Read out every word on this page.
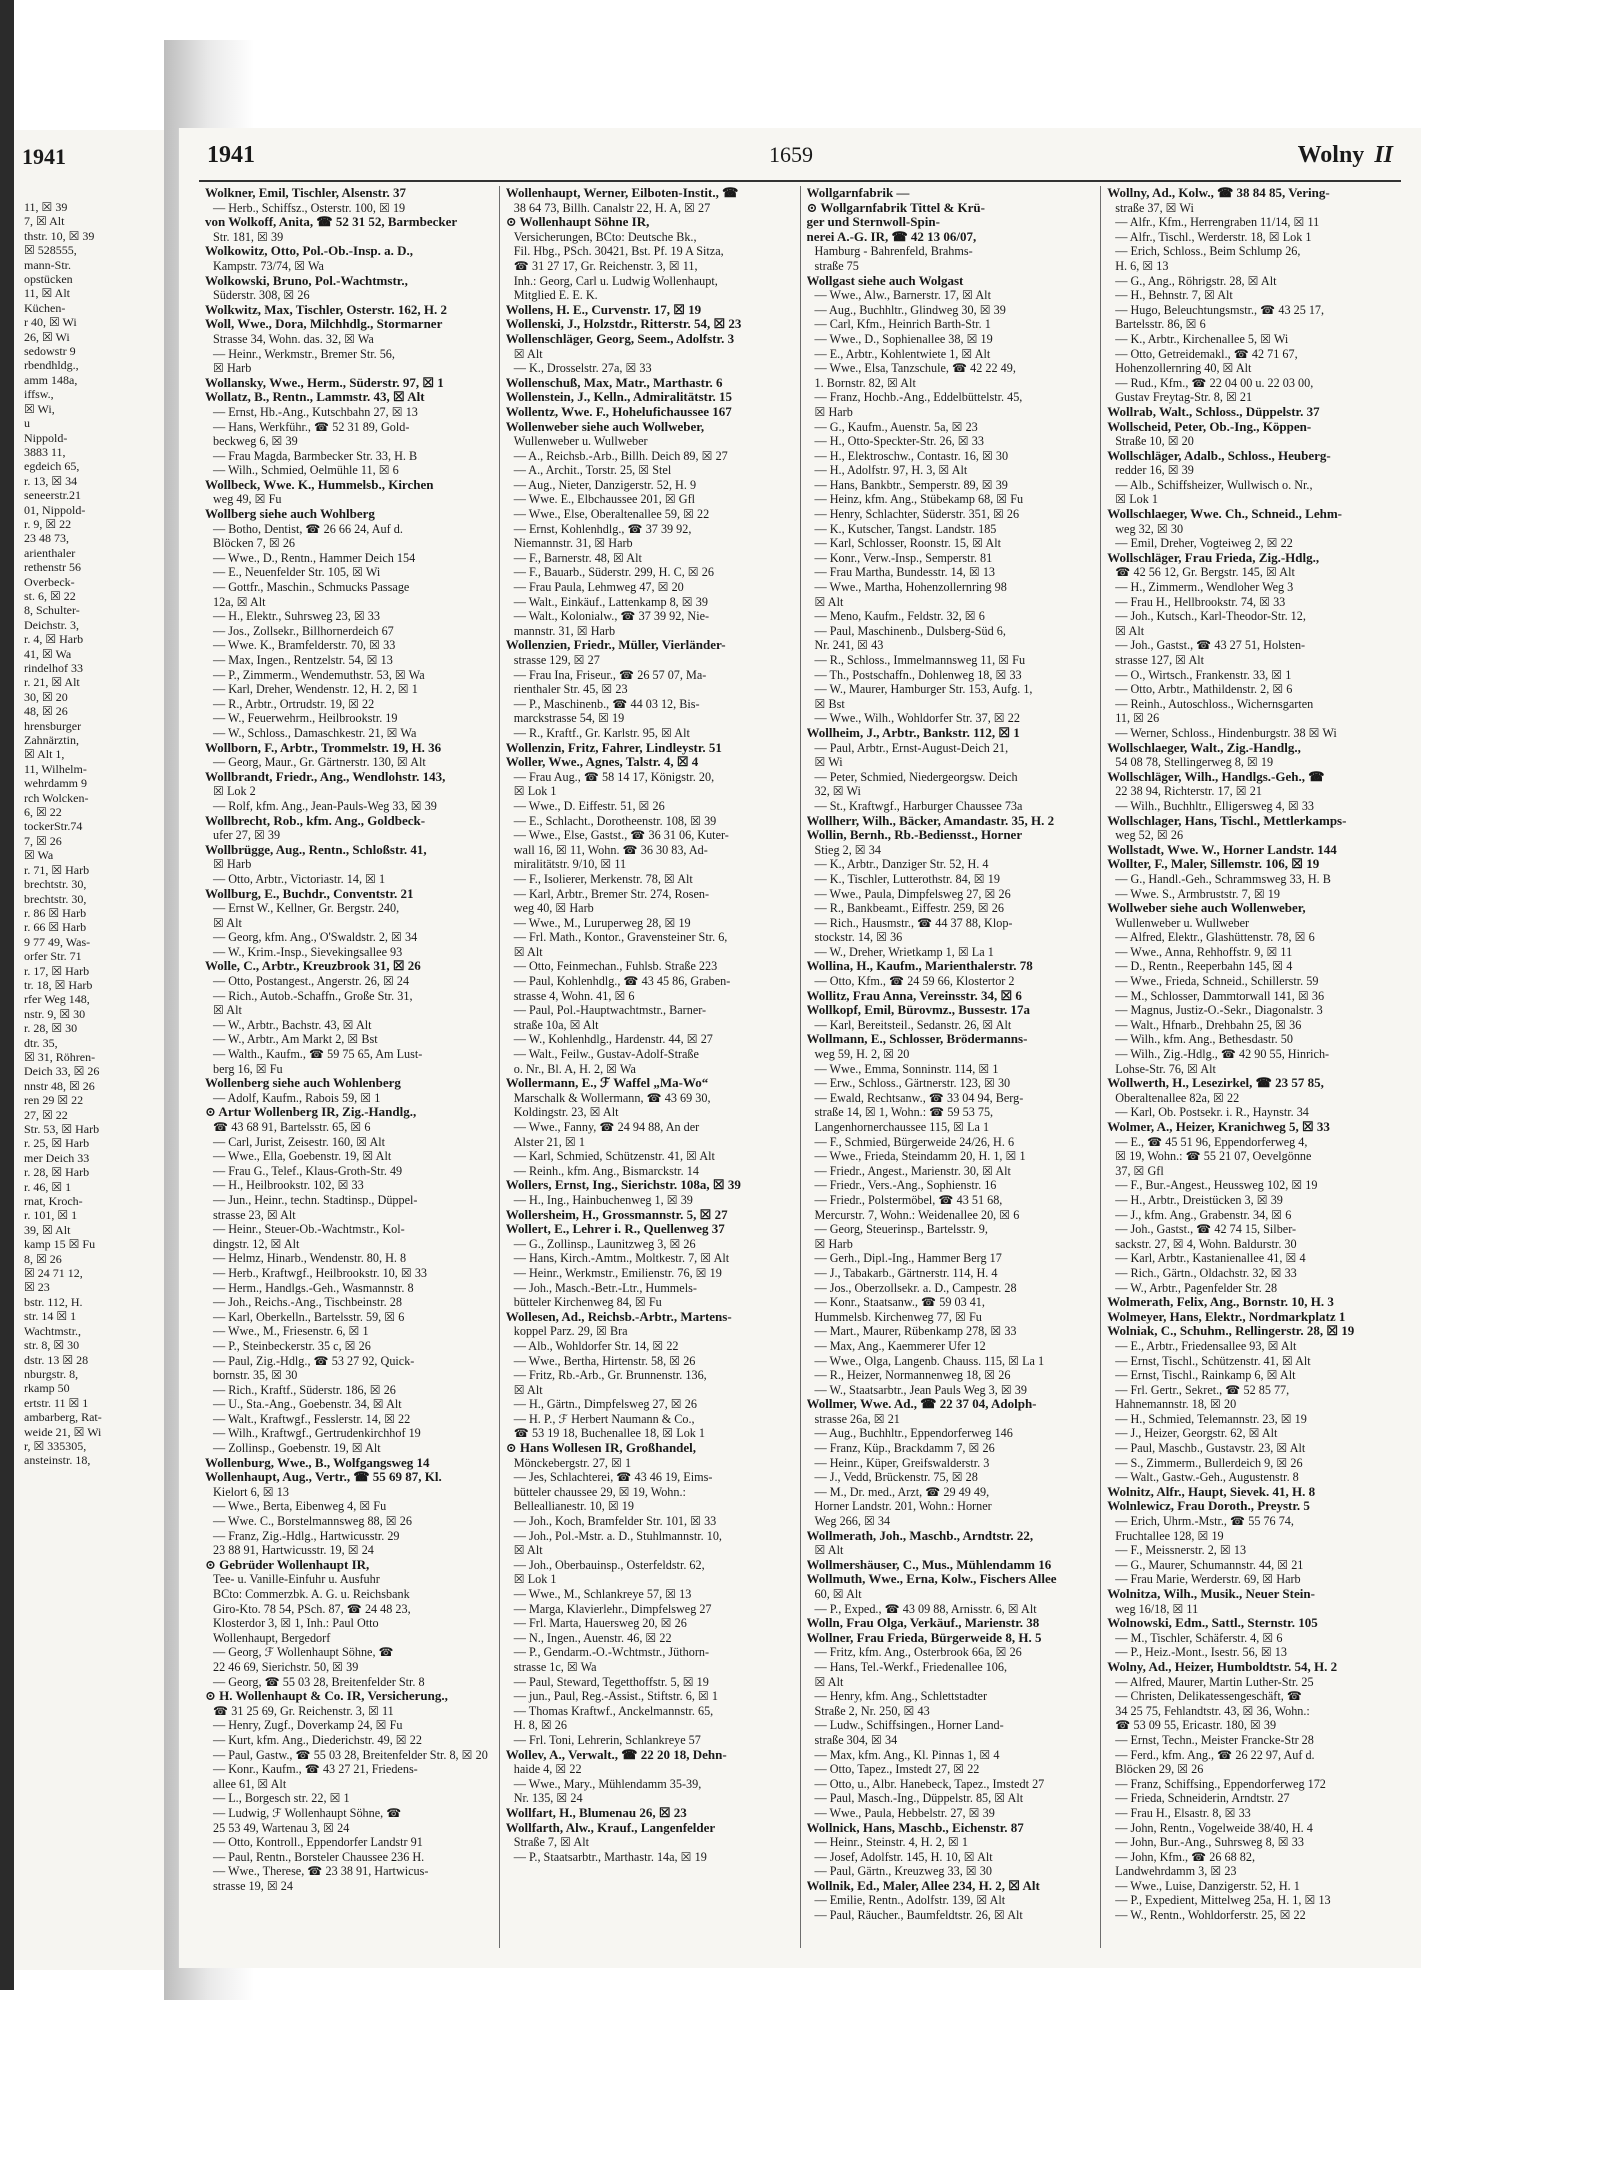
1941

11, ☒ 39

7, ☒ Alt

thstr. 10, ☒ 39

☒ 528555,

mann-Str.

opstücken

11, ☒ Alt

Küchen-

r 40, ☒ Wi

26, ☒ Wi

sedowstr 9

rbendhldg.,

amm 148a,

iffsw.,

☒ Wi,

u

Nippold-

3883 11,

egdeich 65,

r. 13, ☒ 34

seneerstr.21

01, Nippold-

r. 9, ☒ 22

23 48 73,

arienthaler

rethenstr 56

Overbeck-

st. 6, ☒ 22

8, Schulter-

Deichstr. 3,

r. 4, ☒ Harb

41, ☒ Wa

rindelhof 33

r. 21, ☒ Alt

30, ☒ 20

48, ☒ 26

hrensburger

Zahnärztin,

☒ Alt 1,

11, Wilhelm-

wehrdamm 9

rch Wolcken-

6, ☒ 22

tockerStr.74

7, ☒ 26

☒ Wa

r. 71, ☒ Harb

brechtstr. 30,

brechtstr. 30,

r. 86 ☒ Harb

r. 66 ☒ Harb

9 77 49, Was-

orfer Str. 71

r. 17, ☒ Harb

tr. 18, ☒ Harb

rfer Weg 148,

nstr. 9, ☒ 30

r. 28, ☒ 30

dtr. 35,

☒ 31, Röhren-

Deich 33, ☒ 26

nnstr 48, ☒ 26

ren 29 ☒ 22

27, ☒ 22

Str. 53, ☒ Harb

r. 25, ☒ Harb

mer Deich 33

r. 28, ☒ Harb

r. 46, ☒ 1

rnat, Kroch-

r. 101, ☒ 1

39, ☒ Alt

kamp 15 ☒ Fu

8, ☒ 26

☒ 24 71 12,

☒ 23

bstr. 112, H.

str. 14 ☒ 1

Wachtmstr.,

str. 8, ☒ 30

dstr. 13 ☒ 28

nburgstr. 8,

rkamp 50

ertstr. 11 ☒ 1

ambarberg, Rat-

weide 21, ☒ Wi

r, ☒ 335305,

ansteinstr. 18,

1941	1659	Wolny II

Wolkner, Emil, Tischler, Alsenstr. 37

— Herb., Schiffsz., Osterstr. 100, ☒ 19

von Wolkoff, Anita, ☎ 52 31 52, Barmbecker

Str. 181, ☒ 39

Wolkowitz, Otto, Pol.-Ob.-Insp. a. D.,

Kampstr. 73/74, ☒ Wa

Wolkowski, Bruno, Pol.-Wachtmstr.,

Süderstr. 308, ☒ 26

Wolkwitz, Max, Tischler, Osterstr. 162, H. 2

Woll, Wwe., Dora, Milchhdlg., Stormarner

Strasse 34, Wohn. das. 32, ☒ Wa

— Heinr., Werkmstr., Bremer Str. 56,

☒ Harb

Wollansky, Wwe., Herm., Süderstr. 97, ☒ 1

Wollatz, B., Rentn., Lammstr. 43, ☒ Alt

— Ernst, Hb.-Ang., Kutschbahn 27, ☒ 13

— Hans, Werkführ., ☎ 52 31 89, Gold-

beckweg 6, ☒ 39

— Frau Magda, Barmbecker Str. 33, H. B

— Wilh., Schmied, Oelmühle 11, ☒ 6

Wollbeck, Wwe. K., Hummelsb., Kirchen

weg 49, ☒ Fu

Wollberg siehe auch Wohlberg

— Botho, Dentist, ☎ 26 66 24, Auf d.

Blöcken 7, ☒ 26

— Wwe., D., Rentn., Hammer Deich 154

— E., Neuenfelder Str. 105, ☒ Wi

— Gottfr., Maschin., Schmucks Passage

12a, ☒ Alt

— H., Elektr., Suhrsweg 23, ☒ 33

— Jos., Zollsekr., Billhornerdeich 67

— Wwe. K., Bramfelderstr. 70, ☒ 33

— Max, Ingen., Rentzelstr. 54, ☒ 13

— P., Zimmerm., Wendemuthstr. 53, ☒ Wa

— Karl, Dreher, Wendenstr. 12, H. 2, ☒ 1

— R., Arbtr., Ortrudstr. 19, ☒ 22

— W., Feuerwehrm., Heilbrookstr. 19

— W., Schloss., Damaschkestr. 21, ☒ Wa

Wollborn, F., Arbtr., Trommelstr. 19, H. 36

— Georg, Maur., Gr. Gärtnerstr. 130, ☒ Alt

Wollbrandt, Friedr., Ang., Wendlohstr. 143,

☒ Lok 2

— Rolf, kfm. Ang., Jean-Pauls-Weg 33, ☒ 39

Wollbrecht, Rob., kfm. Ang., Goldbeck-

ufer 27, ☒ 39

Wollbrügge, Aug., Rentn., Schloßstr. 41,

☒ Harb

— Otto, Arbtr., Victoriastr. 14, ☒ 1

Wollburg, E., Buchdr., Conventstr. 21

— Ernst W., Kellner, Gr. Bergstr. 240,

☒ Alt

— Georg, kfm. Ang., O'Swaldstr. 2, ☒ 34

— W., Krim.-Insp., Sievekingsallee 93

Wolle, C., Arbtr., Kreuzbrook 31, ☒ 26

— Otto, Postangest., Angerstr. 26, ☒ 24

— Rich., Autob.-Schaffn., Große Str. 31,

☒ Alt

— W., Arbtr., Bachstr. 43, ☒ Alt

— W., Arbtr., Am Markt 2, ☒ Bst

— Walth., Kaufm., ☎ 59 75 65, Am Lust-

berg 16, ☒ Fu

Wollenberg siehe auch Wohlenberg

— Adolf, Kaufm., Rabois 59, ☒ 1

⊙ Artur Wollenberg IR, Zig.-Handlg.,

☎ 43 68 91, Bartelsstr. 65, ☒ 6

— Carl, Jurist, Zeisestr. 160, ☒ Alt

— Wwe., Ella, Goebenstr. 19, ☒ Alt

— Frau G., Telef., Klaus-Groth-Str. 49

— H., Heilbrookstr. 102, ☒ 33

— Jun., Heinr., techn. Stadtinsp., Düppel-

strasse 23, ☒ Alt

— Heinr., Steuer-Ob.-Wachtmstr., Kol-

dingstr. 12, ☒ Alt

— Helmz, Hinarb., Wendenstr. 80, H. 8

— Herb., Kraftwgf., Heilbrookstr. 10, ☒ 33

— Herm., Handlgs.-Geh., Wasmannstr. 8

— Joh., Reichs.-Ang., Tischbeinstr. 28

— Karl, Oberkelln., Bartelsstr. 59, ☒ 6

— Wwe., M., Friesenstr. 6, ☒ 1

— P., Steinbeckerstr. 35 c, ☒ 26

— Paul, Zig.-Hdlg., ☎ 53 27 92, Quick-

bornstr. 35, ☒ 30

— Rich., Kraftf., Süderstr. 186, ☒ 26

— U., Sta.-Ang., Goebenstr. 34, ☒ Alt

— Walt., Kraftwgf., Fesslerstr. 14, ☒ 22

— Wilh., Kraftwgf., Gertrudenkirchhof 19

— Zollinsp., Goebenstr. 19, ☒ Alt

Wollenburg, Wwe., B., Wolfgangsweg 14

Wollenhaupt, Aug., Vertr., ☎ 55 69 87, Kl.

Kielort 6, ☒ 13

— Wwe., Berta, Eibenweg 4, ☒ Fu

— Wwe. C., Borstelmannsweg 88, ☒ 26

— Franz, Zig.-Hdlg., Hartwicusstr. 29

23 88 91, Hartwicusstr. 19, ☒ 24

⊙ Gebrüder Wollenhaupt IR,

Tee- u. Vanille-Einfuhr u. Ausfuhr

BCto: Commerzbk. A. G. u. Reichsbank

Giro-Kto. 78 54, PSch. 87, ☎ 24 48 23,

Klosterdor 3, ☒ 1, Inh.: Paul Otto

Wollenhaupt, Bergedorf

— Georg, ℱ Wollenhaupt Söhne, ☎

22 46 69, Sierichstr. 50, ☒ 39

— Georg, ☎ 55 03 28, Breitenfelder Str. 8

⊙ H. Wollenhaupt & Co. IR, Versicherung.,

☎ 31 25 69, Gr. Reichenstr. 3, ☒ 11

— Henry, Zugf., Doverkamp 24, ☒ Fu

— Kurt, kfm. Ang., Diederichstr. 49, ☒ 22

— Paul, Gastw., ☎ 55 03 28, Breitenfelder Str. 8, ☒ 20

— Konr., Kaufm., ☎ 43 27 21, Friedens-

allee 61, ☒ Alt

— L., Borgesch str. 22, ☒ 1

— Ludwig, ℱ Wollenhaupt Söhne, ☎

25 53 49, Wartenau 3, ☒ 24

— Otto, Kontroll., Eppendorfer Landstr 91

— Paul, Rentn., Borsteler Chaussee 236 H.

— Wwe., Therese, ☎ 23 38 91, Hartwicus-

strasse 19, ☒ 24

Wollenhaupt, Werner, Eilboten-Instit., ☎

38 64 73, Billh. Canalstr 22, H. A, ☒ 27

⊙ Wollenhaupt Söhne IR,

Versicherungen, BCto: Deutsche Bk.,

Fil. Hbg., PSch. 30421, Bst. Pf. 19 A Sitza,

☎ 31 27 17, Gr. Reichenstr. 3, ☒ 11,

Inh.: Georg, Carl u. Ludwig Wollenhaupt,

Mitglied E. E. K.

Wollens, H. E., Curvenstr. 17, ☒ 19

Wollenski, J., Holzstdr., Ritterstr. 54, ☒ 23

Wollenschläger, Georg, Seem., Adolfstr. 3

☒ Alt

— K., Drosselstr. 27a, ☒ 33

Wollenschuß, Max, Matr., Marthastr. 6

Wollenstein, J., Kelln., Admiralitätstr. 15

Wollentz, Wwe. F., Hohelufichaussee 167

Wollenweber siehe auch Wollweber,

Wullenweber u. Wullweber

— A., Reichsb.-Arb., Billh. Deich 89, ☒ 27

— A., Archit., Torstr. 25, ☒ Stel

— Aug., Nieter, Danzigerstr. 52, H. 9

— Wwe. E., Elbchaussee 201, ☒ Gfl

— Wwe., Else, Oberaltenallee 59, ☒ 22

— Ernst, Kohlenhdlg., ☎ 37 39 92,

Niemannstr. 31, ☒ Harb

— F., Barnerstr. 48, ☒ Alt

— F., Bauarb., Süderstr. 299, H. C, ☒ 26

— Frau Paula, Lehmweg 47, ☒ 20

— Walt., Einkäuf., Lattenkamp 8, ☒ 39

— Walt., Kolonialw., ☎ 37 39 92, Nie-

mannstr. 31, ☒ Harb

Wollenzien, Friedr., Müller, Vierländer-

strasse 129, ☒ 27

— Frau Ina, Friseur., ☎ 26 57 07, Ma-

rienthaler Str. 45, ☒ 23

— P., Maschinenb., ☎ 44 03 12, Bis-

marckstrasse 54, ☒ 19

— R., Kraftf., Gr. Karlstr. 95, ☒ Alt

Wollenzin, Fritz, Fahrer, Lindleystr. 51

Woller, Wwe., Agnes, Talstr. 4, ☒ 4

— Frau Aug., ☎ 58 14 17, Königstr. 20,

☒ Lok 1

— Wwe., D. Eiffestr. 51, ☒ 26

— E., Schlacht., Dorotheenstr. 108, ☒ 39

— Wwe., Else, Gastst., ☎ 36 31 06, Kuter-

wall 16, ☒ 11, Wohn. ☎ 36 30 83, Ad-

miralitätstr. 9/10, ☒ 11

— F., Isolierer, Merkenstr. 78, ☒ Alt

— Karl, Arbtr., Bremer Str. 274, Rosen-

weg 40, ☒ Harb

— Wwe., M., Luruperweg 28, ☒ 19

— Frl. Math., Kontor., Gravensteiner Str. 6,

☒ Alt

— Otto, Feinmechan., Fuhlsb. Straße 223

— Paul, Kohlenhdlg., ☎ 43 45 86, Graben-

strasse 4, Wohn. 41, ☒ 6

— Paul, Pol.-Hauptwachtmstr., Barner-

straße 10a, ☒ Alt

— W., Kohlenhdlg., Hardenstr. 44, ☒ 27

— Walt., Feilw., Gustav-Adolf-Straße

o. Nr., Bl. A, H. 2, ☒ Wa

Wollermann, E., ℱ Waffel „Ma-Wo“

Marschalk & Wollermann, ☎ 43 69 30,

Koldingstr. 23, ☒ Alt

— Wwe., Fanny, ☎ 24 94 88, An der

Alster 21, ☒ 1

— Karl, Schmied, Schützenstr. 41, ☒ Alt

— Reinh., kfm. Ang., Bismarckstr. 14

Wollers, Ernst, Ing., Sierichstr. 108a, ☒ 39

— H., Ing., Hainbuchenweg 1, ☒ 39

Wollersheim, H., Grossmannstr. 5, ☒ 27

Wollert, E., Lehrer i. R., Quellenweg 37

— G., Zollinsp., Launitzweg 3, ☒ 26

— Hans, Kirch.-Amtm., Moltkestr. 7, ☒ Alt

— Heinr., Werkmstr., Emilienstr. 76, ☒ 19

— Joh., Masch.-Betr.-Ltr., Hummels-

bütteler Kirchenweg 84, ☒ Fu

Wollesen, Ad., Reichsb.-Arbtr., Martens-

koppel Parz. 29, ☒ Bra

— Alb., Wohldorfer Str. 14, ☒ 22

— Wwe., Bertha, Hirtenstr. 58, ☒ 26

— Fritz, Rb.-Arb., Gr. Brunnenstr. 136,

☒ Alt

— H., Gärtn., Dimpfelsweg 27, ☒ 26

— H. P., ℱ Herbert Naumann & Co.,

☎ 53 19 18, Buchenallee 18, ☒ Lok 1

⊙ Hans Wollesen IR, Großhandel,

Mönckebergstr. 27, ☒ 1

— Jes, Schlachterei, ☎ 43 46 19, Eims-

bütteler chaussee 29, ☒ 19, Wohn.:

Belleallianestr. 10, ☒ 19

— Joh., Koch, Bramfelder Str. 101, ☒ 33

— Joh., Pol.-Mstr. a. D., Stuhlmannstr. 10,

☒ Alt

— Joh., Oberbauinsp., Osterfeldstr. 62,

☒ Lok 1

— Wwe., M., Schlankreye 57, ☒ 13

— Marga, Klavierlehr., Dimpfelsweg 27

— Frl. Marta, Hauersweg 20, ☒ 26

— N., Ingen., Auenstr. 46, ☒ 22

— P., Gendarm.-O.-Wchtmstr., Jüthorn-

strasse 1c, ☒ Wa

— Paul, Steward, Tegetthoffstr. 5, ☒ 19

— jun., Paul, Reg.-Assist., Stiftstr. 6, ☒ 1

— Thomas Kraftwf., Anckelmannstr. 65,

H. 8, ☒ 26

— Frl. Toni, Lehrerin, Schlankreye 57

Wollev, A., Verwalt., ☎ 22 20 18, Dehn-

haide 4, ☒ 22

— Wwe., Mary., Mühlendamm 35-39,

Nr. 135, ☒ 24

Wollfart, H., Blumenau 26, ☒ 23

Wollfarth, Alw., Krauf., Langenfelder

Straße 7, ☒ Alt

— P., Staatsarbtr., Marthastr. 14a, ☒ 19

Wollgarnfabrik —

⊙ Wollgarnfabrik Tittel & Krü-

ger und Sternwoll-Spin-

nerei A.-G. IR, ☎ 42 13 06/07,

Hamburg - Bahrenfeld, Brahms-

straße 75

Wollgast siehe auch Wolgast

— Wwe., Alw., Barnerstr. 17, ☒ Alt

— Aug., Buchhltr., Glindweg 30, ☒ 39

— Carl, Kfm., Heinrich Barth-Str. 1

— Wwe., D., Sophienallee 38, ☒ 19

— E., Arbtr., Kohlentwiete 1, ☒ Alt

— Wwe., Elsa, Tanzschule, ☎ 42 22 49,

1. Bornstr. 82, ☒ Alt

— Franz, Hochb.-Ang., Eddelbüttelstr. 45,

☒ Harb

— G., Kaufm., Auenstr. 5a, ☒ 23

— H., Otto-Speckter-Str. 26, ☒ 33

— H., Elektroschw., Contastr. 16, ☒ 30

— H., Adolfstr. 97, H. 3, ☒ Alt

— Hans, Bankbtr., Semperstr. 89, ☒ 39

— Heinz, kfm. Ang., Stübekamp 68, ☒ Fu

— Henry, Schlachter, Süderstr. 351, ☒ 26

— K., Kutscher, Tangst. Landstr. 185

— Karl, Schlosser, Roonstr. 15, ☒ Alt

— Konr., Verw.-Insp., Semperstr. 81

— Frau Martha, Bundesstr. 14, ☒ 13

— Wwe., Martha, Hohenzollernring 98

☒ Alt

— Meno, Kaufm., Feldstr. 32, ☒ 6

— Paul, Maschinenb., Dulsberg-Süd 6,

Nr. 241, ☒ 43

— R., Schloss., Immelmannsweg 11, ☒ Fu

— Th., Postschaffn., Dohlenweg 18, ☒ 33

— W., Maurer, Hamburger Str. 153, Aufg. 1,

☒ Bst

— Wwe., Wilh., Wohldorfer Str. 37, ☒ 22

Wollheim, J., Arbtr., Bankstr. 112, ☒ 1

— Paul, Arbtr., Ernst-August-Deich 21,

☒ Wi

— Peter, Schmied, Niedergeorgsw. Deich

32, ☒ Wi

— St., Kraftwgf., Harburger Chaussee 73a

Wollherr, Wilh., Bäcker, Amandastr. 35, H. 2

Wollin, Bernh., Rb.-Bediensst., Horner

Stieg 2, ☒ 34

— K., Arbtr., Danziger Str. 52, H. 4

— K., Tischler, Lutterothstr. 84, ☒ 19

— Wwe., Paula, Dimpfelsweg 27, ☒ 26

— R., Bankbeamt., Eiffestr. 259, ☒ 26

— Rich., Hausmstr., ☎ 44 37 88, Klop-

stockstr. 14, ☒ 36

— W., Dreher, Wrietkamp 1, ☒ La 1

Wollina, H., Kaufm., Marienthalerstr. 78

— Otto, Kfm., ☎ 24 59 66, Klostertor 2

Wollitz, Frau Anna, Vereinsstr. 34, ☒ 6

Wollkopf, Emil, Bürovmz., Bussestr. 17a

— Karl, Bereitsteil., Sedanstr. 26, ☒ Alt

Wollmann, E., Schlosser, Brödermanns-

weg 59, H. 2, ☒ 20

— Wwe., Emma, Sonninstr. 114, ☒ 1

— Erw., Schloss., Gärtnerstr. 123, ☒ 30

— Ewald, Rechtsanw., ☎ 33 04 94, Berg-

straße 14, ☒ 1, Wohn.: ☎ 59 53 75,

Langenhornerchaussee 115, ☒ La 1

— F., Schmied, Bürgerweide 24/26, H. 6

— Wwe., Frieda, Steindamm 20, H. 1, ☒ 1

— Friedr., Angest., Marienstr. 30, ☒ Alt

— Friedr., Vers.-Ang., Sophienstr. 16

— Friedr., Polstermöbel, ☎ 43 51 68,

Mercurstr. 7, Wohn.: Weidenallee 20, ☒ 6

— Georg, Steuerinsp., Bartelsstr. 9,

☒ Harb

— Gerh., Dipl.-Ing., Hammer Berg 17

— J., Tabakarb., Gärtnerstr. 114, H. 4

— Jos., Oberzollsekr. a. D., Campestr. 28

— Konr., Staatsanw., ☎ 59 03 41,

Hummelsb. Kirchenweg 77, ☒ Fu

— Mart., Maurer, Rübenkamp 278, ☒ 33

— Max, Ang., Kaemmerer Ufer 12

— Wwe., Olga, Langenb. Chauss. 115, ☒ La 1

— R., Heizer, Normannenweg 18, ☒ 26

— W., Staatsarbtr., Jean Pauls Weg 3, ☒ 39

Wollmer, Wwe. Ad., ☎ 22 37 04, Adolph-

strasse 26a, ☒ 21

— Aug., Buchhltr., Eppendorferweg 146

— Franz, Küp., Brackdamm 7, ☒ 26

— Heinr., Küper, Greifswalderstr. 3

— J., Vedd, Brückenstr. 75, ☒ 28

— M., Dr. med., Arzt, ☎ 29 49 49,

Horner Landstr. 201, Wohn.: Horner

Weg 266, ☒ 34

Wollmerath, Joh., Maschb., Arndtstr. 22,

☒ Alt

Wollmershäuser, C., Mus., Mühlendamm 16

Wollmuth, Wwe., Erna, Kolw., Fischers Allee

60, ☒ Alt

— P., Exped., ☎ 43 09 88, Arnisstr. 6, ☒ Alt

Wolln, Frau Olga, Verkäuf., Marienstr. 38

Wollner, Frau Frieda, Bürgerweide 8, H. 5

— Fritz, kfm. Ang., Osterbrook 66a, ☒ 26

— Hans, Tel.-Werkf., Friedenallee 106,

☒ Alt

— Henry, kfm. Ang., Schlettstadter

Straße 2, Nr. 250, ☒ 43

— Ludw., Schiffsingen., Horner Land-

straße 304, ☒ 34

— Max, kfm. Ang., Kl. Pinnas 1, ☒ 4

— Otto, Tapez., Imstedt 27, ☒ 22

— Otto, u., Albr. Hanebeck, Tapez., Imstedt 27

— Paul, Masch.-Ing., Düppelstr. 85, ☒ Alt

— Wwe., Paula, Hebbelstr. 27, ☒ 39

Wollnick, Hans, Maschb., Eichenstr. 87

— Heinr., Steinstr. 4, H. 2, ☒ 1

— Josef, Adolfstr. 145, H. 10, ☒ Alt

— Paul, Gärtn., Kreuzweg 33, ☒ 30

Wollnik, Ed., Maler, Allee 234, H. 2, ☒ Alt

— Emilie, Rentn., Adolfstr. 139, ☒ Alt

— Paul, Räucher., Baumfeldtstr. 26, ☒ Alt

Wollny, Ad., Kolw., ☎ 38 84 85, Vering-

straße 37, ☒ Wi

— Alfr., Kfm., Herrengraben 11/14, ☒ 11

— Alfr., Tischl., Werderstr. 18, ☒ Lok 1

— Erich, Schloss., Beim Schlump 26,

H. 6, ☒ 13

— G., Ang., Röhrigstr. 28, ☒ Alt

— H., Behnstr. 7, ☒ Alt

— Hugo, Beleuchtungsmstr., ☎ 43 25 17,

Bartelsstr. 86, ☒ 6

— K., Arbtr., Kirchenallee 5, ☒ Wi

— Otto, Getreidemakl., ☎ 42 71 67,

Hohenzollernring 40, ☒ Alt

— Rud., Kfm., ☎ 22 04 00 u. 22 03 00,

Gustav Freytag-Str. 8, ☒ 21

Wollrab, Walt., Schloss., Düppelstr. 37

Wollscheid, Peter, Ob.-Ing., Köppen-

Straße 10, ☒ 20

Wollschläger, Adalb., Schloss., Heuberg-

redder 16, ☒ 39

— Alb., Schiffsheizer, Wullwisch o. Nr.,

☒ Lok 1

Wollschlaeger, Wwe. Ch., Schneid., Lehm-

weg 32, ☒ 30

— Emil, Dreher, Vogteiweg 2, ☒ 22

Wollschläger, Frau Frieda, Zig.-Hdlg.,

☎ 42 56 12, Gr. Bergstr. 145, ☒ Alt

— H., Zimmerm., Wendloher Weg 3

— Frau H., Hellbrookstr. 74, ☒ 33

— Joh., Kutsch., Karl-Theodor-Str. 12,

☒ Alt

— Joh., Gastst., ☎ 43 27 51, Holsten-

strasse 127, ☒ Alt

— O., Wirtsch., Frankenstr. 33, ☒ 1

— Otto, Arbtr., Mathildenstr. 2, ☒ 6

— Reinh., Autoschloss., Wichernsgarten

11, ☒ 26

— Werner, Schloss., Hindenburgstr. 38 ☒ Wi

Wollschlaeger, Walt., Zig.-Handlg.,

54 08 78, Stellingerweg 8, ☒ 19

Wollschläger, Wilh., Handlgs.-Geh., ☎

22 38 94, Richterstr. 17, ☒ 21

— Wilh., Buchhltr., Elligersweg 4, ☒ 33

Wollschlager, Hans, Tischl., Mettlerkamps-

weg 52, ☒ 26

Wollstadt, Wwe. W., Horner Landstr. 144

Wollter, F., Maler, Sillemstr. 106, ☒ 19

— G., Handl.-Geh., Schrammsweg 33, H. B

— Wwe. S., Armbruststr. 7, ☒ 19

Wollweber siehe auch Wollenweber,

Wullenweber u. Wullweber

— Alfred, Elektr., Glashüttenstr. 78, ☒ 6

— Wwe., Anna, Rehhoffstr. 9, ☒ 11

— D., Rentn., Reeperbahn 145, ☒ 4

— Wwe., Frieda, Schneid., Schillerstr. 59

— M., Schlosser, Dammtorwall 141, ☒ 36

— Magnus, Justiz-O.-Sekr., Diagonalstr. 3

— Walt., Hfnarb., Drehbahn 25, ☒ 36

— Wilh., kfm. Ang., Bethesdastr. 50

— Wilh., Zig.-Hdlg., ☎ 42 90 55, Hinrich-

Lohse-Str. 76, ☒ Alt

Wollwerth, H., Lesezirkel, ☎ 23 57 85,

Oberaltenallee 82a, ☒ 22

— Karl, Ob. Postsekr. i. R., Haynstr. 34

Wolmer, A., Heizer, Kranichweg 5, ☒ 33

— E., ☎ 45 51 96, Eppendorferweg 4,

☒ 19, Wohn.: ☎ 55 21 07, Oevelgönne

37, ☒ Gfl

— F., Bur.-Angest., Heussweg 102, ☒ 19

— H., Arbtr., Dreistücken 3, ☒ 39

— J., kfm. Ang., Grabenstr. 34, ☒ 6

— Joh., Gastst., ☎ 42 74 15, Silber-

sackstr. 27, ☒ 4, Wohn. Baldurstr. 30

— Karl, Arbtr., Kastanienallee 41, ☒ 4

— Rich., Gärtn., Oldachstr. 32, ☒ 33

— W., Arbtr., Pagenfelder Str. 28

Wolmerath, Felix, Ang., Bornstr. 10, H. 3

Wolmeyer, Hans, Elektr., Nordmarkplatz 1

Wolniak, C., Schuhm., Rellingerstr. 28, ☒ 19

— E., Arbtr., Friedensallee 93, ☒ Alt

— Ernst, Tischl., Schützenstr. 41, ☒ Alt

— Ernst, Tischl., Rainkamp 6, ☒ Alt

— Frl. Gertr., Sekret., ☎ 52 85 77,

Hahnemannstr. 18, ☒ 20

— H., Schmied, Telemannstr. 23, ☒ 19

— J., Heizer, Georgstr. 62, ☒ Alt

— Paul, Maschb., Gustavstr. 23, ☒ Alt

— S., Zimmerm., Bullerdeich 9, ☒ 26

— Walt., Gastw.-Geh., Augustenstr. 8

Wolnitz, Alfr., Haupt, Sievek. 41, H. 8

Wolnlewicz, Frau Doroth., Preystr. 5

— Erich, Uhrm.-Mstr., ☎ 55 76 74,

Fruchtallee 128, ☒ 19

— F., Meissnerstr. 2, ☒ 13

— G., Maurer, Schumannstr. 44, ☒ 21

— Frau Marie, Werderstr. 69, ☒ Harb

Wolnitza, Wilh., Musik., Neuer Stein-

weg 16/18, ☒ 11

Wolnowski, Edm., Sattl., Sternstr. 105

— M., Tischler, Schäferstr. 4, ☒ 6

— P., Heiz.-Mont., Isestr. 56, ☒ 13

Wolny, Ad., Heizer, Humboldtstr. 54, H. 2

— Alfred, Maurer, Martin Luther-Str. 25

— Christen, Delikatessengeschäft, ☎

34 25 75, Fehlandtstr. 43, ☒ 36, Wohn.:

☎ 53 09 55, Ericastr. 180, ☒ 39

— Ernst, Techn., Meister Francke-Str 28

— Ferd., kfm. Ang., ☎ 26 22 97, Auf d.

Blöcken 29, ☒ 26

— Franz, Schiffsing., Eppendorferweg 172

— Frieda, Schneiderin, Arndtstr. 27

— Frau H., Elsastr. 8, ☒ 33

— John, Rentn., Vogelweide 38/40, H. 4

— John, Bur.-Ang., Suhrsweg 8, ☒ 33

— John, Kfm., ☎ 26 68 82,

Landwehrdamm 3, ☒ 23

— Wwe., Luise, Danzigerstr. 52, H. 1

— P., Expedient, Mittelweg 25a, H. 1, ☒ 13

— W., Rentn., Wohldorferstr. 25, ☒ 22
